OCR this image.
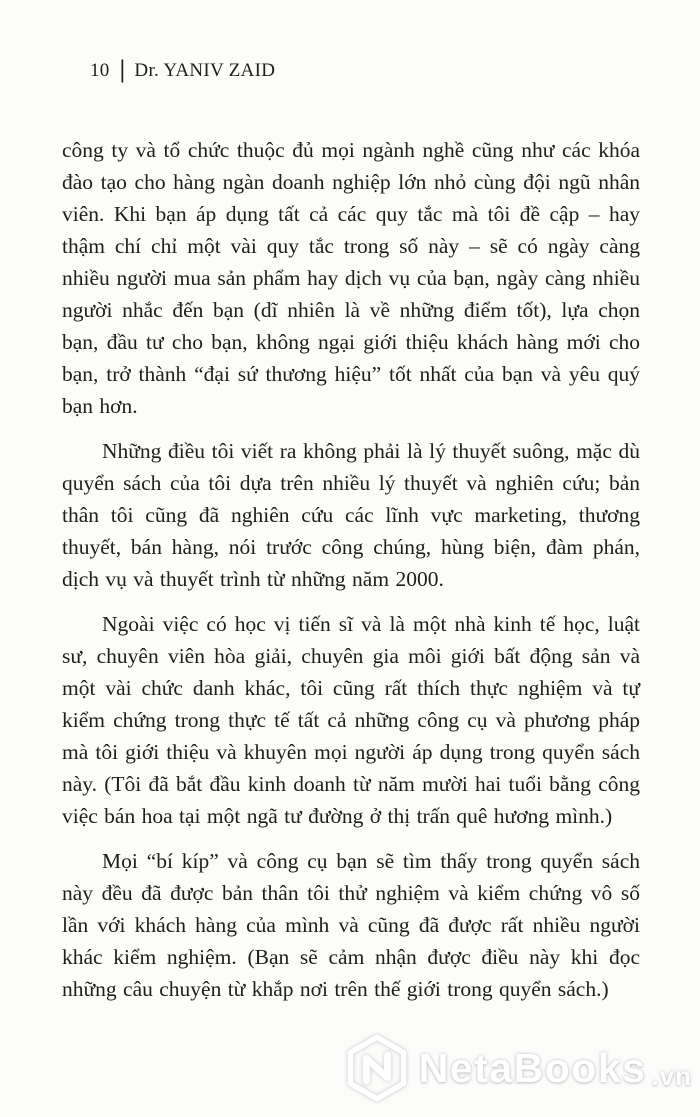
10 | Dr. YANIV ZAID

công ty và tổ chức thuộc đủ mọi ngành nghề cũng như các khóa đào tạo cho hàng ngàn doanh nghiệp lớn nhỏ cùng đội ngũ nhân viên. Khi bạn áp dụng tất cả các quy tắc mà tôi đề cập – hay thậm chí chỉ một vài quy tắc trong số này – sẽ có ngày càng nhiều người mua sản phẩm hay dịch vụ của bạn, ngày càng nhiều người nhắc đến bạn (dĩ nhiên là về những điểm tốt), lựa chọn bạn, đầu tư cho bạn, không ngại giới thiệu khách hàng mới cho bạn, trở thành “đại sứ thương hiệu” tốt nhất của bạn và yêu quý bạn hơn.

Những điều tôi viết ra không phải là lý thuyết suông, mặc dù quyển sách của tôi dựa trên nhiều lý thuyết và nghiên cứu; bản thân tôi cũng đã nghiên cứu các lĩnh vực marketing, thương thuyết, bán hàng, nói trước công chúng, hùng biện, đàm phán, dịch vụ và thuyết trình từ những năm 2000.

Ngoài việc có học vị tiến sĩ và là một nhà kinh tế học, luật sư, chuyên viên hòa giải, chuyên gia môi giới bất động sản và một vài chức danh khác, tôi cũng rất thích thực nghiệm và tự kiểm chứng trong thực tế tất cả những công cụ và phương pháp mà tôi giới thiệu và khuyên mọi người áp dụng trong quyển sách này. (Tôi đã bắt đầu kinh doanh từ năm mười hai tuổi bằng công việc bán hoa tại một ngã tư đường ở thị trấn quê hương mình.)

Mọi “bí kíp” và công cụ bạn sẽ tìm thấy trong quyển sách này đều đã được bản thân tôi thử nghiệm và kiểm chứng vô số lần với khách hàng của mình và cũng đã được rất nhiều người khác kiểm nghiệm. (Bạn sẽ cảm nhận được điều này khi đọc những câu chuyện từ khắp nơi trên thế giới trong quyển sách.)

NetaBooks .vn
